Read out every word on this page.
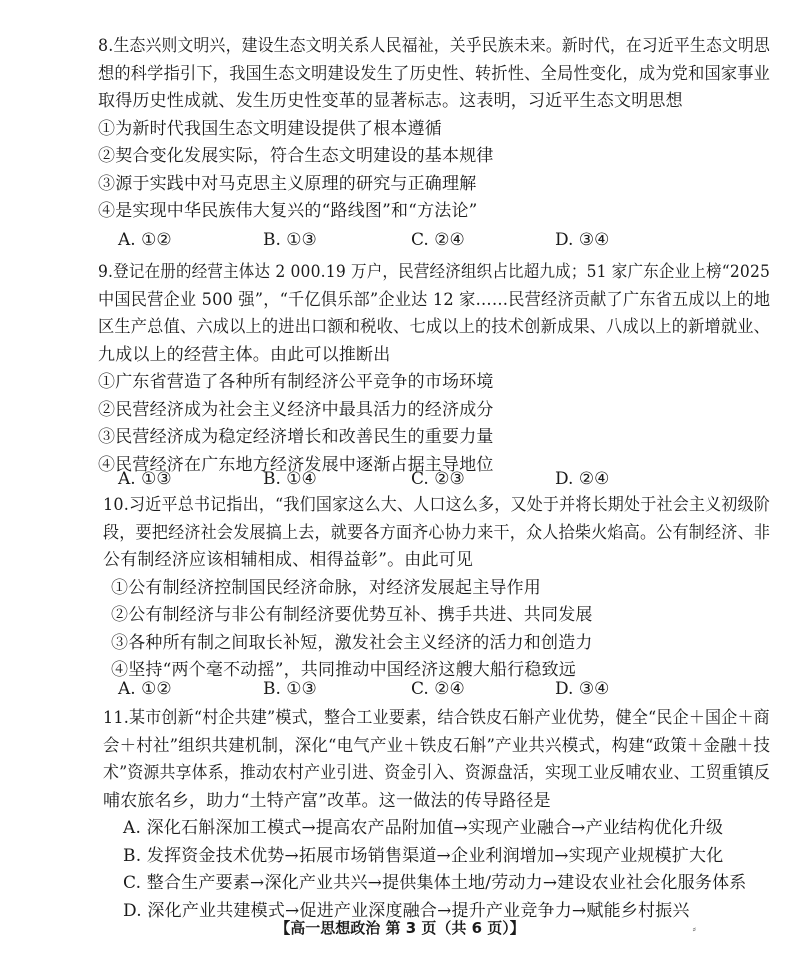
8.生态兴则文明兴，建设生态文明关系人民福祉，关乎民族未来。新时代，在习近平生态文明思
想的科学指引下，我国生态文明建设发生了历史性、转折性、全局性变化，成为党和国家事业
取得历史性成就、发生历史性变革的显著标志。这表明，习近平生态文明思想
①为新时代我国生态文明建设提供了根本遵循
②契合变化发展实际，符合生态文明建设的基本规律
③源于实践中对马克思主义原理的研究与正确理解
④是实现中华民族伟大复兴的“路线图”和“方法论”
A. ①②	B. ①③	C. ②④	D. ③④
9.登记在册的经营主体达 2 000.19 万户，民营经济组织占比超九成；51 家广东企业上榜“2025
中国民营企业 500 强”，“千亿俱乐部”企业达 12 家……民营经济贡献了广东省五成以上的地
区生产总值、六成以上的进出口额和税收、七成以上的技术创新成果、八成以上的新增就业、
九成以上的经营主体。由此可以推断出
①广东省营造了各种所有制经济公平竞争的市场环境
②民营经济成为社会主义经济中最具活力的经济成分
③民营经济成为稳定经济增长和改善民生的重要力量
④民营经济在广东地方经济发展中逐渐占据主导地位
A. ①③	B. ①④	C. ②③	D. ②④
10.习近平总书记指出，“我们国家这么大、人口这么多，又处于并将长期处于社会主义初级阶
段，要把经济社会发展搞上去，就要各方面齐心协力来干，众人拾柴火焰高。公有制经济、非
公有制经济应该相辅相成、相得益彰”。由此可见
①公有制经济控制国民经济命脉，对经济发展起主导作用
②公有制经济与非公有制经济要优势互补、携手共进、共同发展
③各种所有制之间取长补短，激发社会主义经济的活力和创造力
④坚持“两个毫不动摇”，共同推动中国经济这艘大船行稳致远
A. ①②	B. ①③	C. ②④	D. ③④
11.某市创新“村企共建”模式，整合工业要素，结合铁皮石斛产业优势，健全“民企＋国企＋商
会＋村社”组织共建机制，深化“电气产业＋铁皮石斛”产业共兴模式，构建“政策＋金融＋技
术”资源共享体系，推动农村产业引进、资金引入、资源盘活，实现工业反哺农业、工贸重镇反
哺农旅名乡，助力“土特产富”改革。这一做法的传导路径是
A. 深化石斛深加工模式→提高农产品附加值→实现产业融合→产业结构优化升级
B. 发挥资金技术优势→拓展市场销售渠道→企业利润增加→实现产业规模扩大化
C. 整合生产要素→深化产业共兴→提供集体土地/劳动力→建设农业社会化服务体系
D. 深化产业共建模式→促进产业深度融合→提升产业竞争力→赋能乡村振兴
【高一思想政治 第 3 页（共 6 页）】	⸗
